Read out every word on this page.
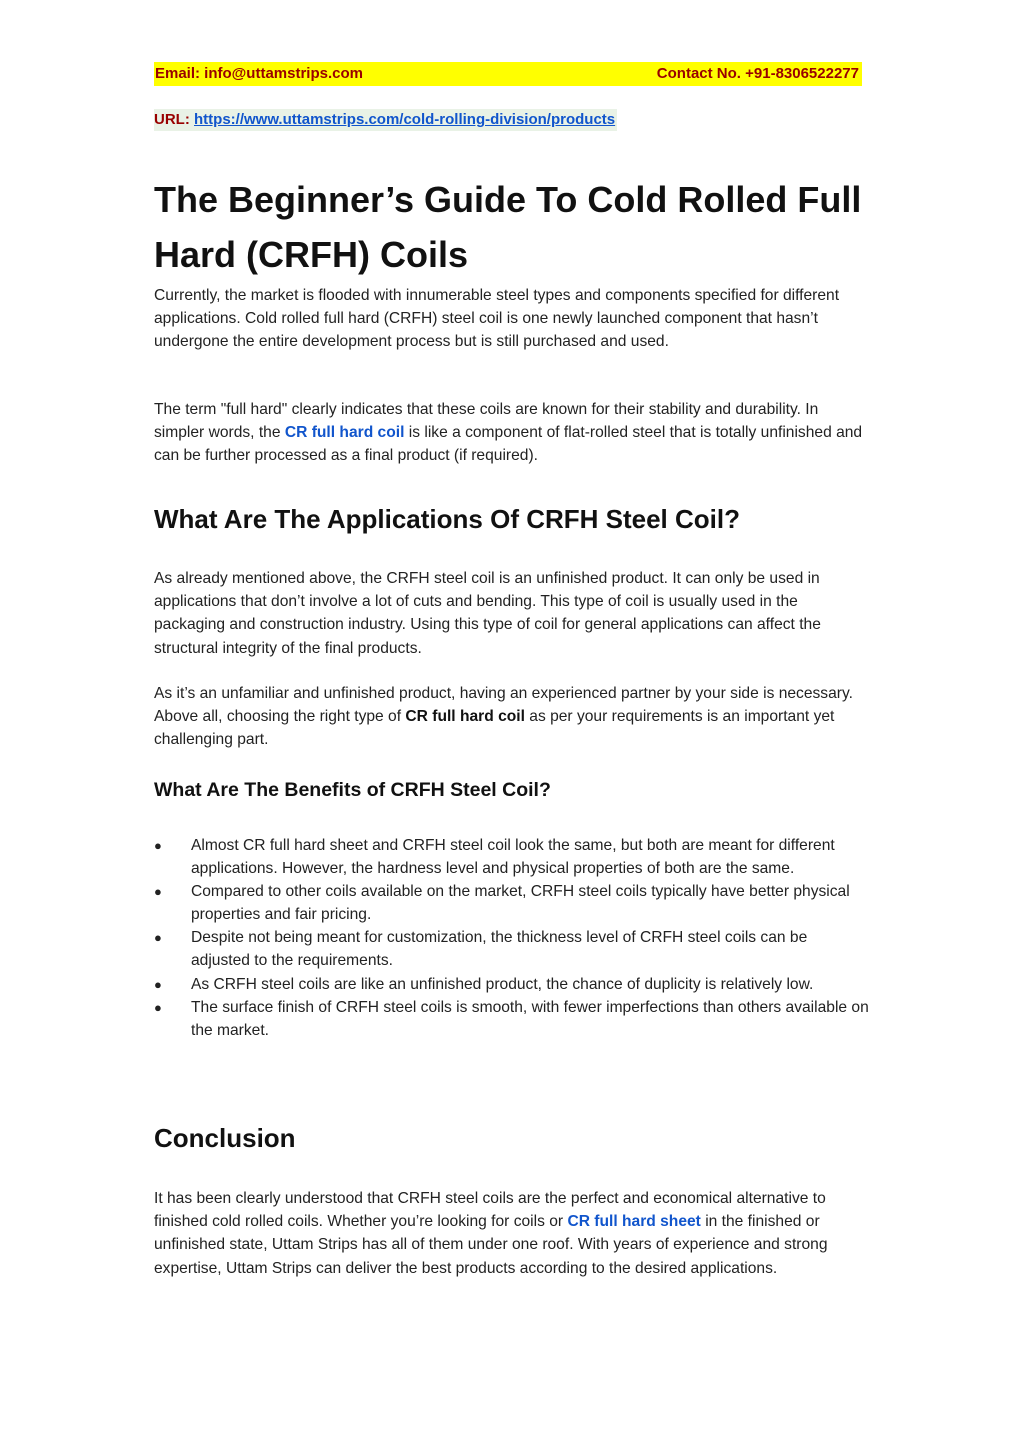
Email: info@uttamstrips.com	Contact No. +91-8306522277
URL: https://www.uttamstrips.com/cold-rolling-division/products
The Beginner’s Guide To Cold Rolled Full Hard (CRFH) Coils

Currently, the market is flooded with innumerable steel types and components specified for different applications. Cold rolled full hard (CRFH) steel coil is one newly launched component that hasn’t undergone the entire development process but is still purchased and used.

The term "full hard" clearly indicates that these coils are known for their stability and durability. In simpler words, the CR full hard coil is like a component of flat-rolled steel that is totally unfinished and can be further processed as a final product (if required).

What Are The Applications Of CRFH Steel Coil?

As already mentioned above, the CRFH steel coil is an unfinished product. It can only be used in applications that don’t involve a lot of cuts and bending. This type of coil is usually used in the packaging and construction industry. Using this type of coil for general applications can affect the structural integrity of the final products.

As it’s an unfamiliar and unfinished product, having an experienced partner by your side is necessary. Above all, choosing the right type of CR full hard coil as per your requirements is an important yet challenging part.

What Are The Benefits of CRFH Steel Coil?
● Almost CR full hard sheet and CRFH steel coil look the same, but both are meant for different applications. However, the hardness level and physical properties of both are the same.
● Compared to other coils available on the market, CRFH steel coils typically have better physical properties and fair pricing.
● Despite not being meant for customization, the thickness level of CRFH steel coils can be adjusted to the requirements.
● As CRFH steel coils are like an unfinished product, the chance of duplicity is relatively low.
● The surface finish of CRFH steel coils is smooth, with fewer imperfections than others available on the market.
Conclusion

It has been clearly understood that CRFH steel coils are the perfect and economical alternative to finished cold rolled coils. Whether you’re looking for coils or CR full hard sheet in the finished or unfinished state, Uttam Strips has all of them under one roof. With years of experience and strong expertise, Uttam Strips can deliver the best products according to the desired applications.
